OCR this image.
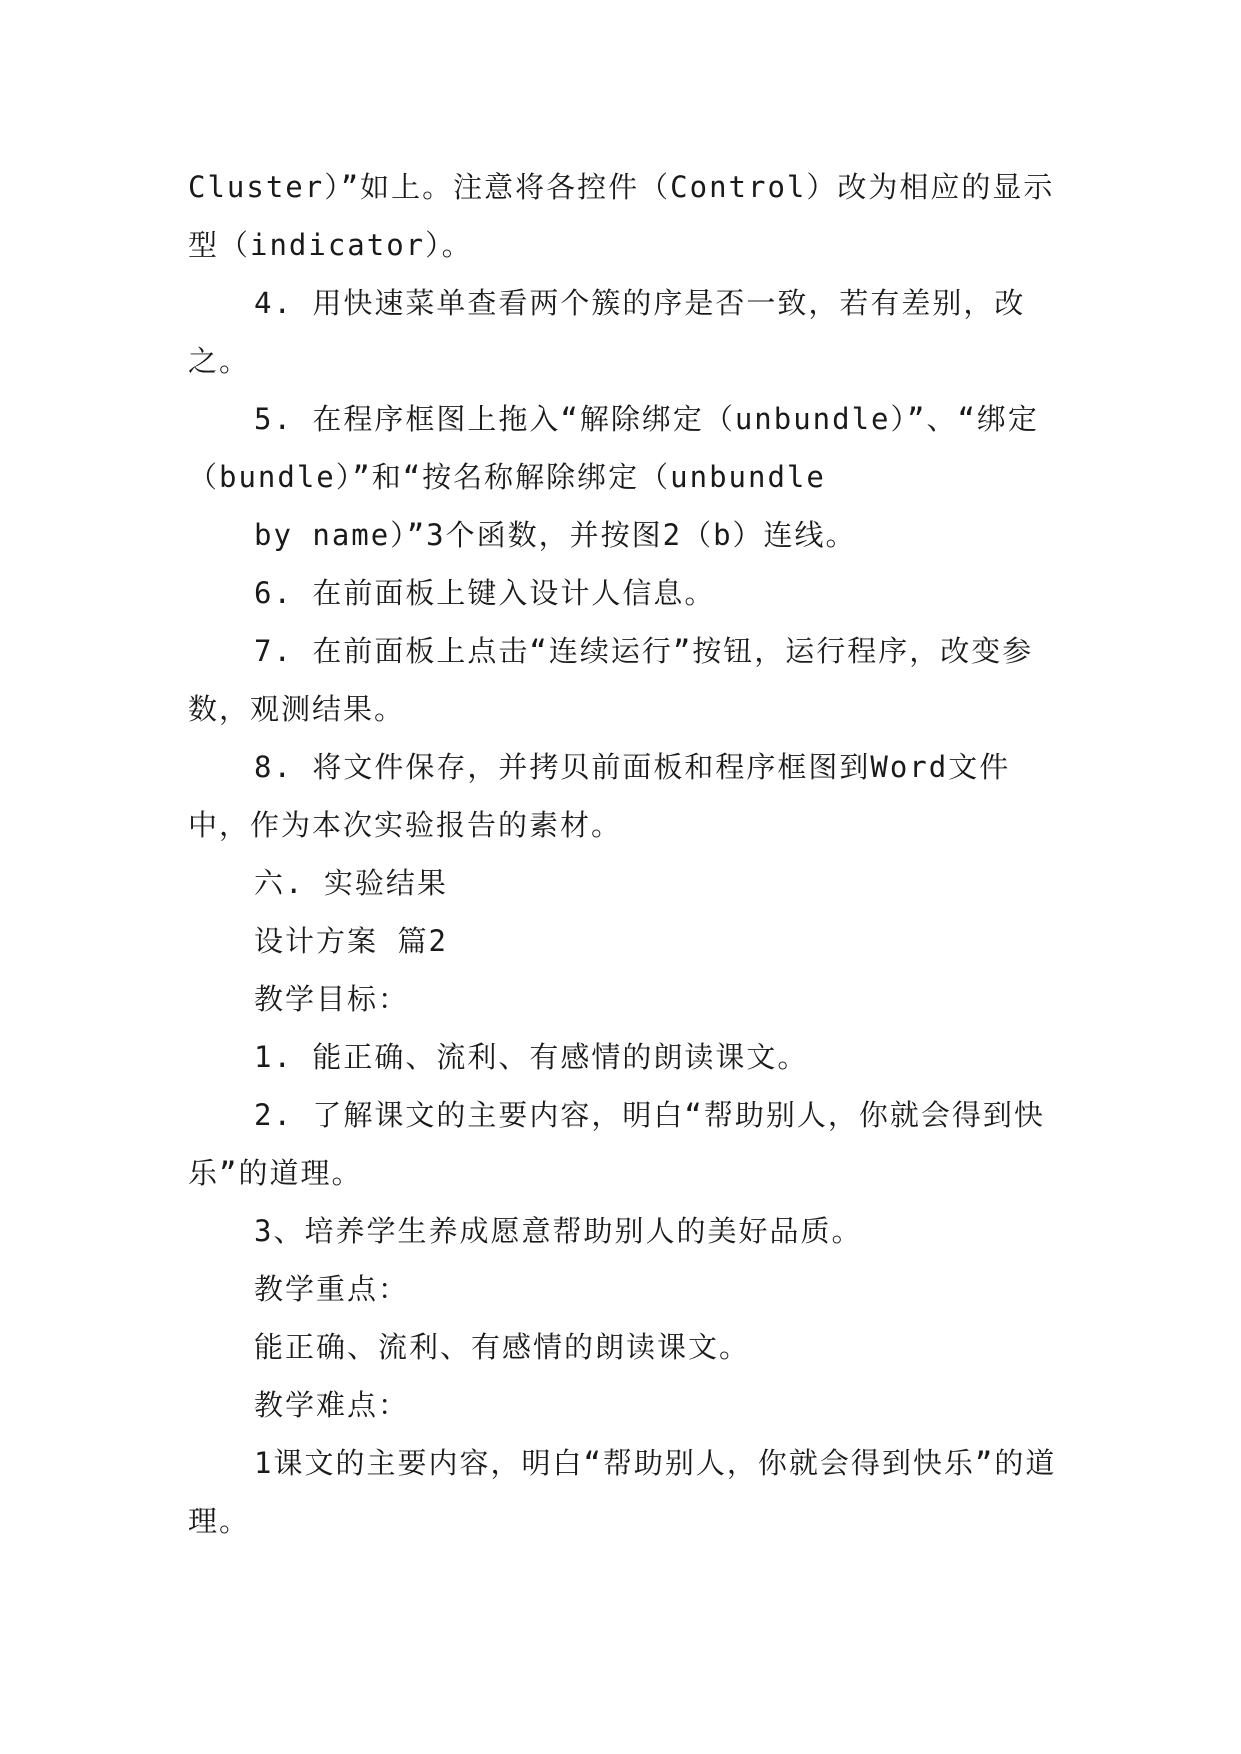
Cluster）”如上。注意将各控件（Control）改为相应的显示型（indicator）。

4. 用快速菜单查看两个簇的序是否一致，若有差别，改之。

5. 在程序框图上拖入“解除绑定（unbundle）”、“绑定（bundle）”和“按名称解除绑定（unbundle

by name）”3个函数，并按图2（b）连线。

6. 在前面板上键入设计人信息。

7. 在前面板上点击“连续运行”按钮，运行程序，改变参数，观测结果。

8. 将文件保存，并拷贝前面板和程序框图到Word文件中，作为本次实验报告的素材。

六. 实验结果

设计方案 篇2

教学目标：

1. 能正确、流利、有感情的朗读课文。

2. 了解课文的主要内容，明白“帮助别人，你就会得到快乐”的道理。

3、培养学生养成愿意帮助别人的美好品质。

教学重点：

能正确、流利、有感情的朗读课文。

教学难点：

1课文的主要内容，明白“帮助别人，你就会得到快乐”的道理。
